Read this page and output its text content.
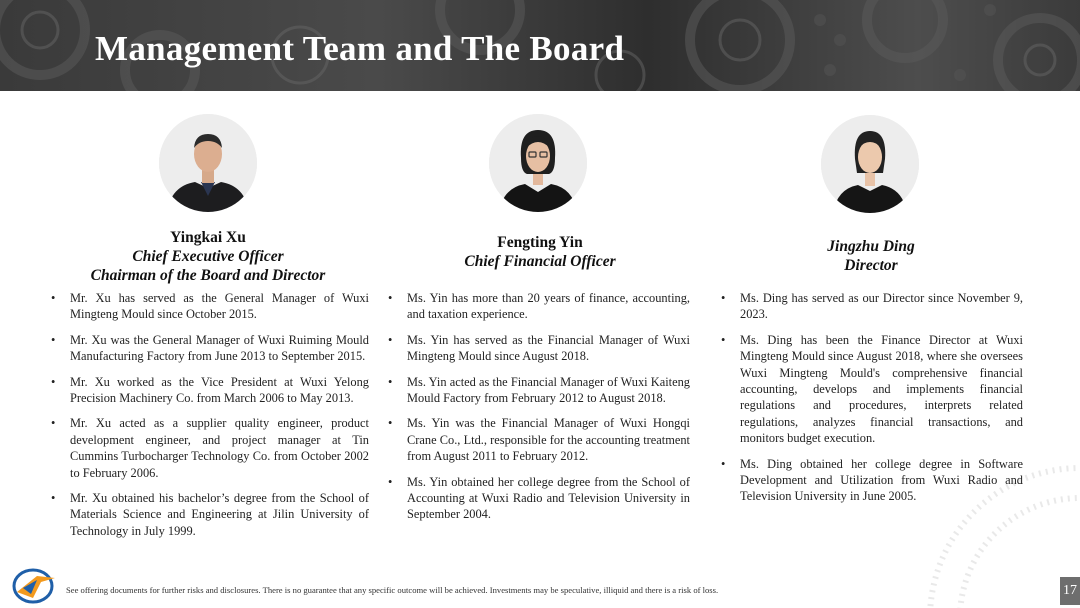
Management Team and The Board
Yingkai Xu
Chief Executive Officer
Chairman of the Board and Director
Fengting Yin
Chief Financial Officer
Jingzhu Ding
Director
• Mr. Xu has served as the General Manager of Wuxi Mingteng Mould since October 2015.
• Mr. Xu was the General Manager of Wuxi Ruiming Mould Manufacturing Factory from June 2013 to September 2015.
• Mr. Xu worked as the Vice President at Wuxi Yelong Precision Machinery Co. from March 2006 to May 2013.
• Mr. Xu acted as a supplier quality engineer, product development engineer, and project manager at Tin Cummins Turbocharger Technology Co. from October 2002 to February 2006.
• Mr. Xu obtained his bachelor’s degree from the School of Materials Science and Engineering at Jilin University of Technology in July 1999.
• Ms. Yin has more than 20 years of finance, accounting, and taxation experience.
• Ms. Yin has served as the Financial Manager of Wuxi Mingteng Mould since August 2018.
• Ms. Yin acted as the Financial Manager of Wuxi Kaiteng Mould Factory from February 2012 to August 2018.
• Ms. Yin was the Financial Manager of Wuxi Hongqi Crane Co., Ltd., responsible for the accounting treatment from August 2011 to February 2012.
• Ms. Yin obtained her college degree from the School of Accounting at Wuxi Radio and Television University in September 2004.
• Ms. Ding has served as our Director since November 9, 2023.
• Ms. Ding has been the Finance Director at Wuxi Mingteng Mould since August 2018, where she oversees Wuxi Mingteng Mould's comprehensive financial accounting, develops and implements financial regulations and procedures, interprets related regulations, analyzes financial transactions, and monitors budget execution.
• Ms. Ding obtained her college degree in Software Development and Utilization from Wuxi Radio and Television University in June 2005.
See offering documents for further risks and disclosures. There is no guarantee that any specific outcome will be achieved. Investments may be speculative, illiquid and there is a risk of loss.	17
